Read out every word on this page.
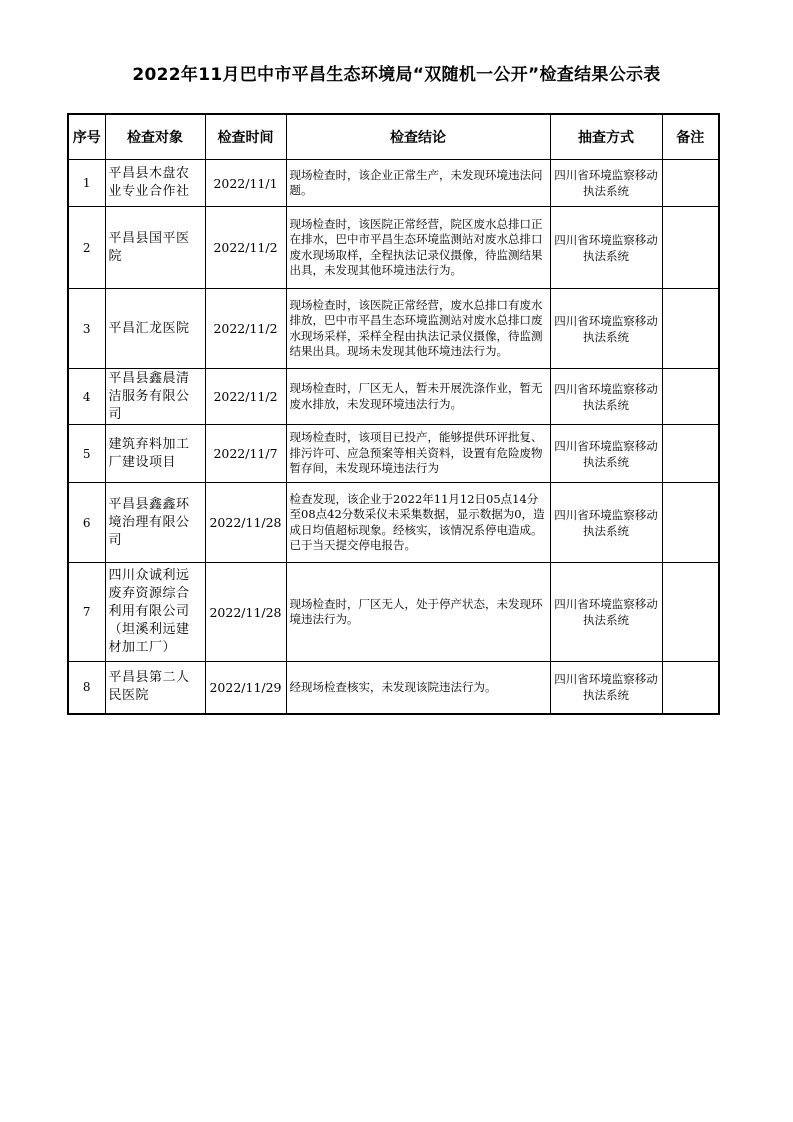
2022年11月巴中市平昌生态环境局“双随机一公开”检查结果公示表
序号	检查对象	检查时间	检查结论	抽查方式	备注
1	平昌县木盘农业专业合作社	2022/11/1	现场检查时，该企业正常生产，未发现环境违法问题。	四川省环境监察移动执法系统	
2	平昌县国平医院	2022/11/2	现场检查时，该医院正常经营，院区废水总排口正在排水，巴中市平昌生态环境监测站对废水总排口废水现场取样，全程执法记录仪摄像，待监测结果出具，未发现其他环境违法行为。	四川省环境监察移动执法系统	
3	平昌汇龙医院	2022/11/2	现场检查时，该医院正常经营，废水总排口有废水排放，巴中市平昌生态环境监测站对废水总排口废水现场采样，采样全程由执法记录仪摄像，待监测结果出具。现场未发现其他环境违法行为。	四川省环境监察移动执法系统	
4	平昌县鑫晨清洁服务有限公司	2022/11/2	现场检查时，厂区无人，暂未开展洗涤作业，暂无废水排放，未发现环境违法行为。	四川省环境监察移动执法系统	
5	建筑弃料加工厂建设项目	2022/11/7	现场检查时，该项目已投产，能够提供环评批复、排污许可、应急预案等相关资料，设置有危险废物暂存间，未发现环境违法行为	四川省环境监察移动执法系统	
6	平昌县鑫鑫环境治理有限公司	2022/11/28	检查发现，该企业于2022年11月12日05点14分至08点42分数采仪未采集数据，显示数据为0，造成日均值超标现象。经核实，该情况系停电造成。已于当天提交停电报告。	四川省环境监察移动执法系统	
7	四川众诚利远废弃资源综合利用有限公司（坦溪利远建材加工厂）	2022/11/28	现场检查时，厂区无人，处于停产状态，未发现环境违法行为。	四川省环境监察移动执法系统	
8	平昌县第二人民医院	2022/11/29	经现场检查核实，未发现该院违法行为。	四川省环境监察移动执法系统	
